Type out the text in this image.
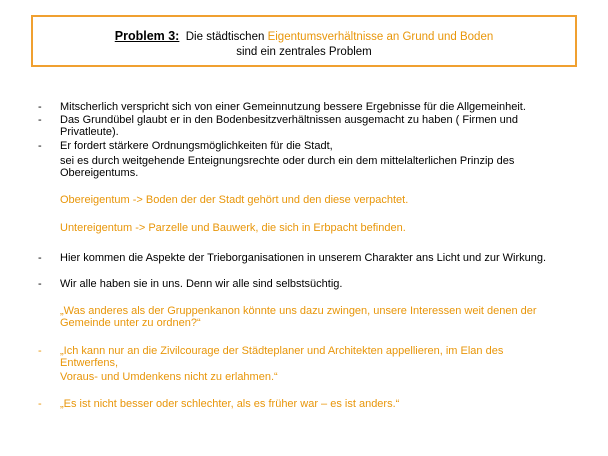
Problem 3: Die städtischen Eigentumsverhältnisse an Grund und Boden
sind ein zentrales Problem
- Mitscherlich verspricht sich von einer Gemeinnutzung bessere Ergebnisse für die Allgemeinheit.
- Das Grundübel glaubt er in den Bodenbesitzverhältnissen ausgemacht zu haben ( Firmen und Privatleute).
- Er fordert stärkere Ordnungsmöglichkeiten für die Stadt,
sei es durch weitgehende Enteignungsrechte oder durch ein dem mittelalterlichen Prinzip des Obereigentums.
Obereigentum -> Boden der der Stadt gehört und den diese verpachtet.
Untereigentum -> Parzelle und Bauwerk, die sich in Erbpacht befinden.
- Hier kommen die Aspekte der Trieborganisationen in unserem Charakter ans Licht und zur Wirkung.
- Wir alle haben sie in uns. Denn wir alle sind selbstsüchtig.
„Was anderes als der Gruppenkanon könnte uns dazu zwingen, unsere Interessen weit denen der Gemeinde unter zu ordnen?“
- „Ich kann nur an die Zivilcourage der Städteplaner und Architekten appellieren, im Elan des Entwerfens,
Voraus- und Umdenkens nicht zu erlahmen.“
- „Es ist nicht besser oder schlechter, als es früher war – es ist anders.“
